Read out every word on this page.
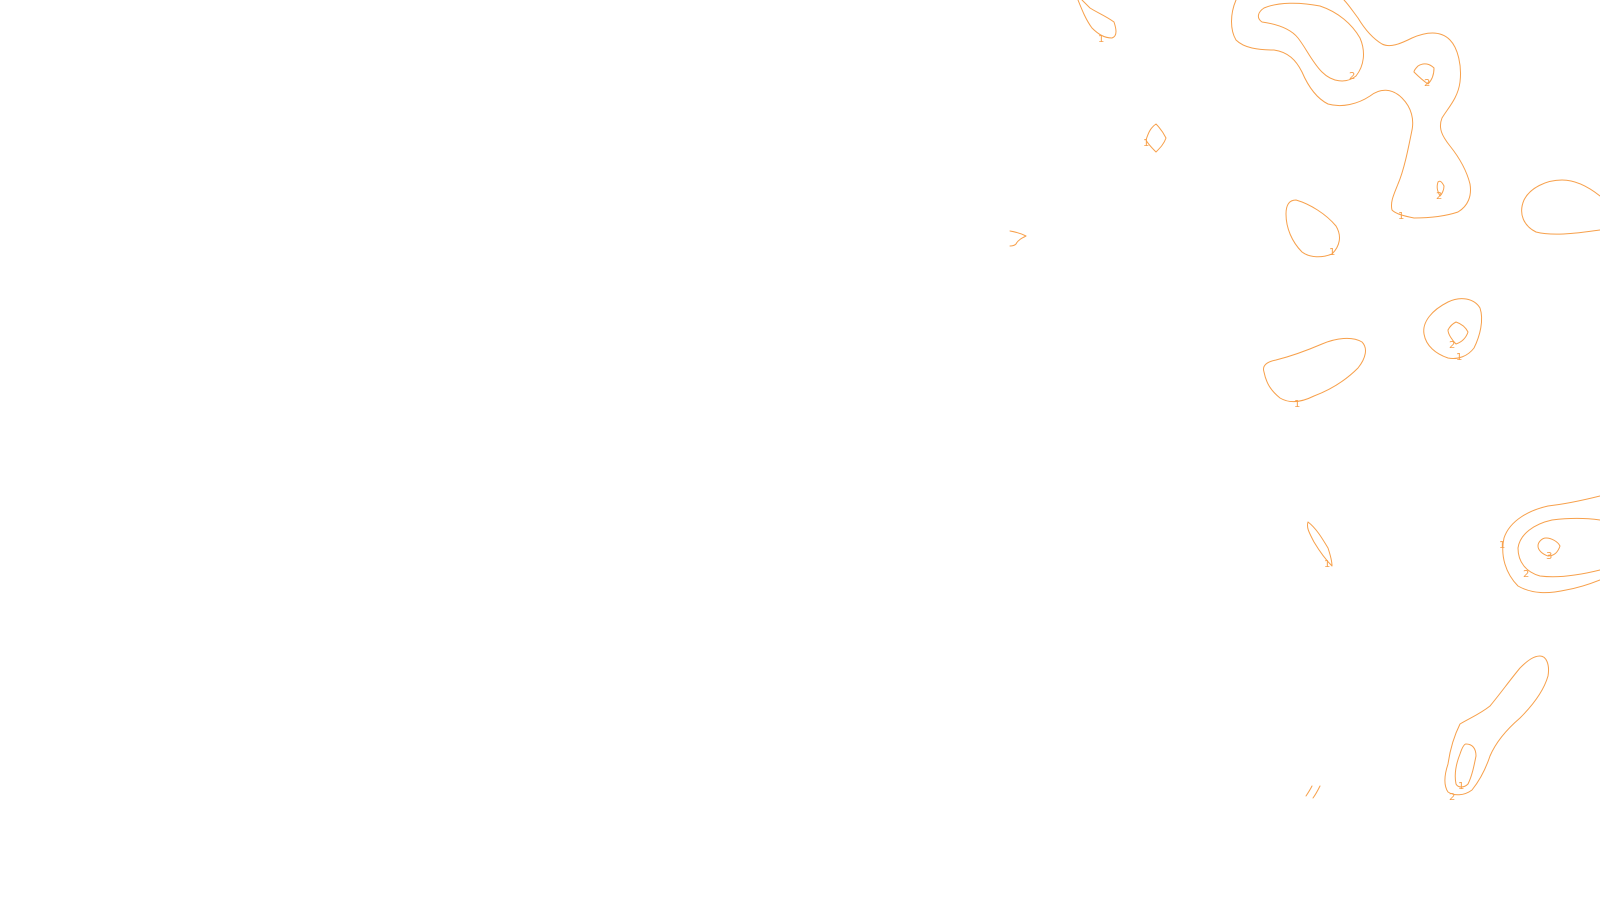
1
1
2
2
1
2
1
1
2
1
1
1
2
3
1
2
